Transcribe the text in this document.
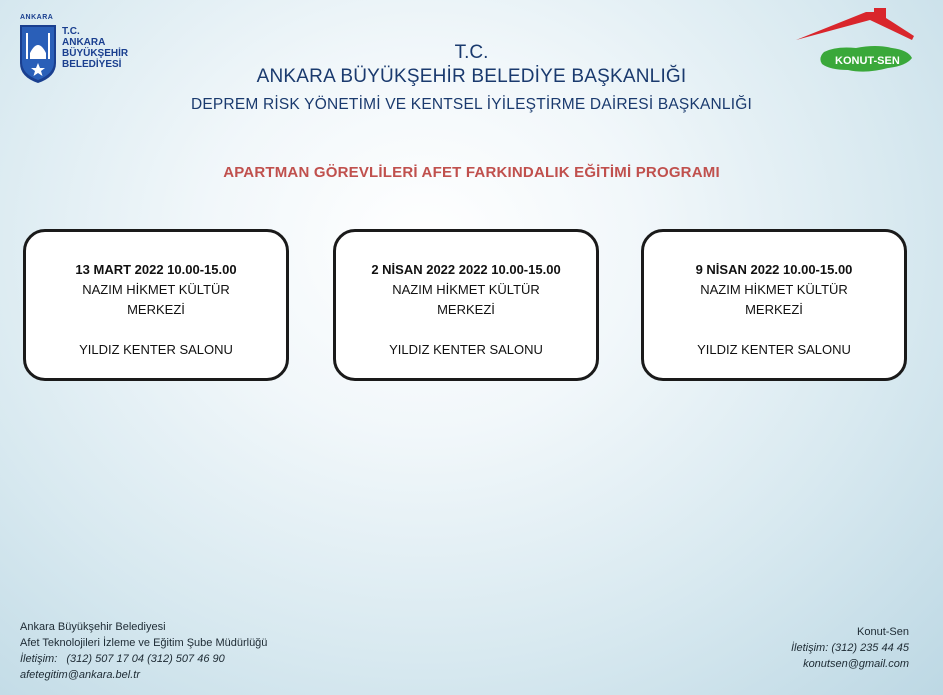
ANKARA
T.C.
ANKARA
BÜYÜKŞEHİR
BELEDİYESİ	KONUT-SEN
T.C.
ANKARA BÜYÜKŞEHİR BELEDİYE BAŞKANLIĞI
DEPREM RİSK YÖNETİMİ VE KENTSEL İYİLEŞTİRME DAİRESİ BAŞKANLIĞI
APARTMAN GÖREVLİLERİ AFET FARKINDALIK EĞİTİMİ PROGRAMI
13 MART 2022 10.00-15.00
NAZIM HİKMET KÜLTÜR MERKEZİ
YILDIZ KENTER SALONU
2 NİSAN 2022 2022 10.00-15.00
NAZIM HİKMET KÜLTÜR MERKEZİ
YILDIZ KENTER SALONU
9 NİSAN 2022 10.00-15.00
NAZIM HİKMET KÜLTÜR MERKEZİ
YILDIZ KENTER SALONU
Ankara Büyükşehir Belediyesi
Afet Teknolojileri İzleme ve Eğitim Şube Müdürlüğü
İletişim: (312) 507 17 04 (312) 507 46 90
afetegitim@ankara.bel.tr
Konut-Sen
İletişim: (312) 235 44 45
konutsen@gmail.com
